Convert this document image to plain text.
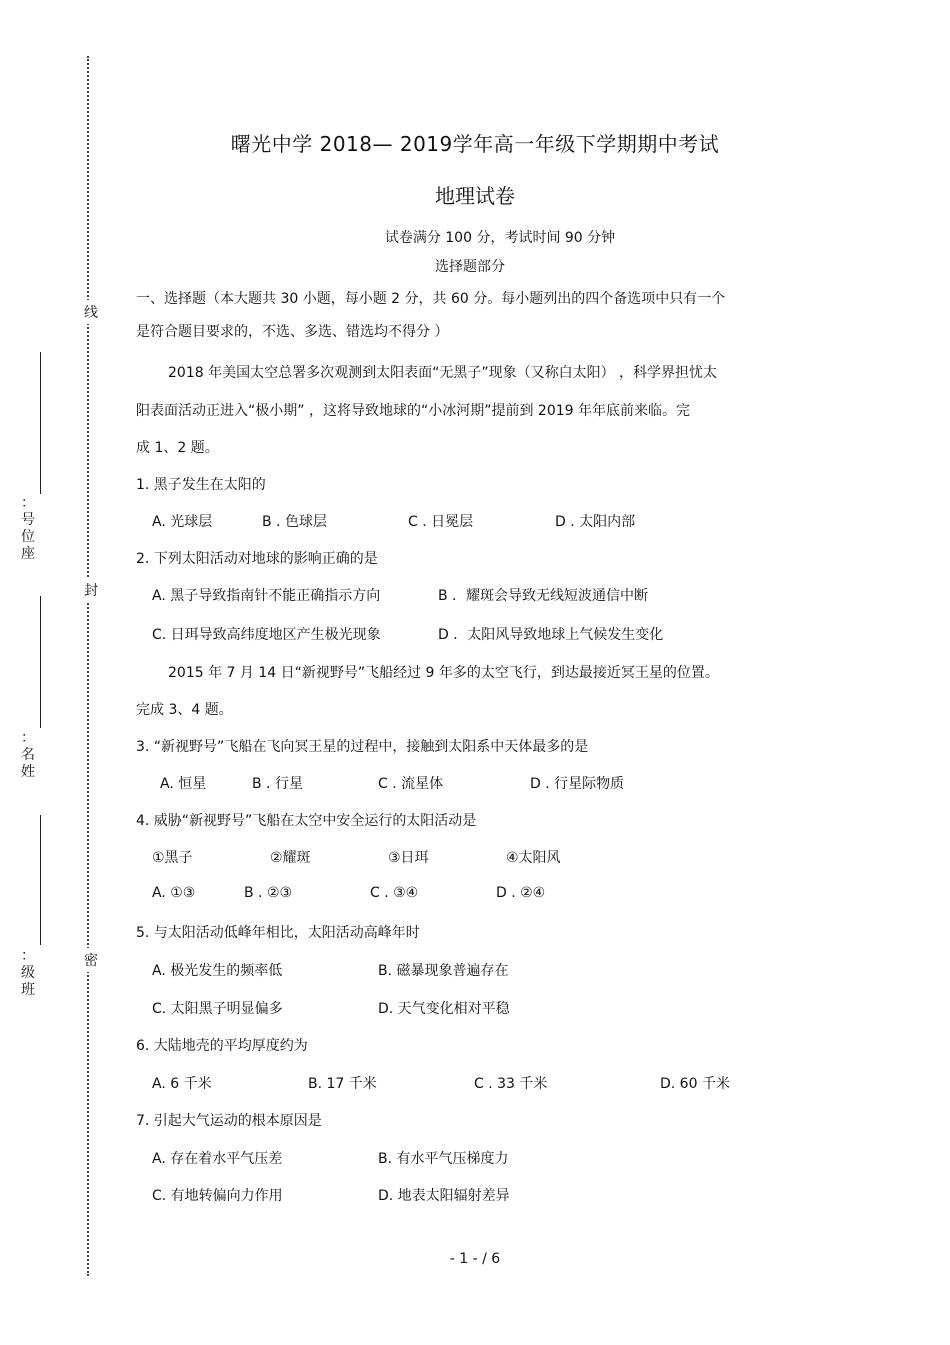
线
封
密
：
号
位
座
：
名
姓
：
级
班
曙光中学 2018— 2019学年高一年级下学期期中考试
地理试卷
试卷满分 100 分，考试时间 90 分钟
选择题部分
一、选择题（本大题共 30 小题，每小题 2 分，共 60 分。每小题列出的四个备选项中只有一个
是符合题目要求的，不选、多选、错选均不得分 ）
2018 年美国太空总署多次观测到太阳表面“无黑子”现象（又称白太阳） ，科学界担忧太
阳表面活动正进入“极小期” ，这将导致地球的“小冰河期”提前到 2019 年年底前来临。完
成 1、2 题。
1. 黑子发生在太阳的
A. 光球层	B . 色球层	C . 日冕层	D . 太阳内部
2. 下列太阳活动对地球的影响正确的是
A. 黑子导致指南针不能正确指示方向	B ．耀斑会导致无线短波通信中断
C. 日珥导致高纬度地区产生极光现象	D ．太阳风导致地球上气候发生变化
2015 年 7 月 14 日“新视野号”飞船经过 9 年多的太空飞行，到达最接近冥王星的位置。
完成 3、4 题。
3. “新视野号”飞船在飞向冥王星的过程中，接触到太阳系中天体最多的是
A. 恒星	B . 行星	C . 流星体	D . 行星际物质
4. 威胁“新视野号”飞船在太空中安全运行的太阳活动是
①黑子	②耀斑	③日珥	④太阳风
A. ①③	B . ②③	C . ③④	D . ②④
5. 与太阳活动低峰年相比，太阳活动高峰年时
A. 极光发生的频率低	B. 磁暴现象普遍存在
C. 太阳黑子明显偏多	D. 天气变化相对平稳
6. 大陆地壳的平均厚度约为
A. 6 千米	B. 17 千米	C . 33 千米	D. 60 千米
7. 引起大气运动的根本原因是
A. 存在着水平气压差	B. 有水平气压梯度力
C. 有地转偏向力作用	D. 地表太阳辐射差异
- 1 - / 6
